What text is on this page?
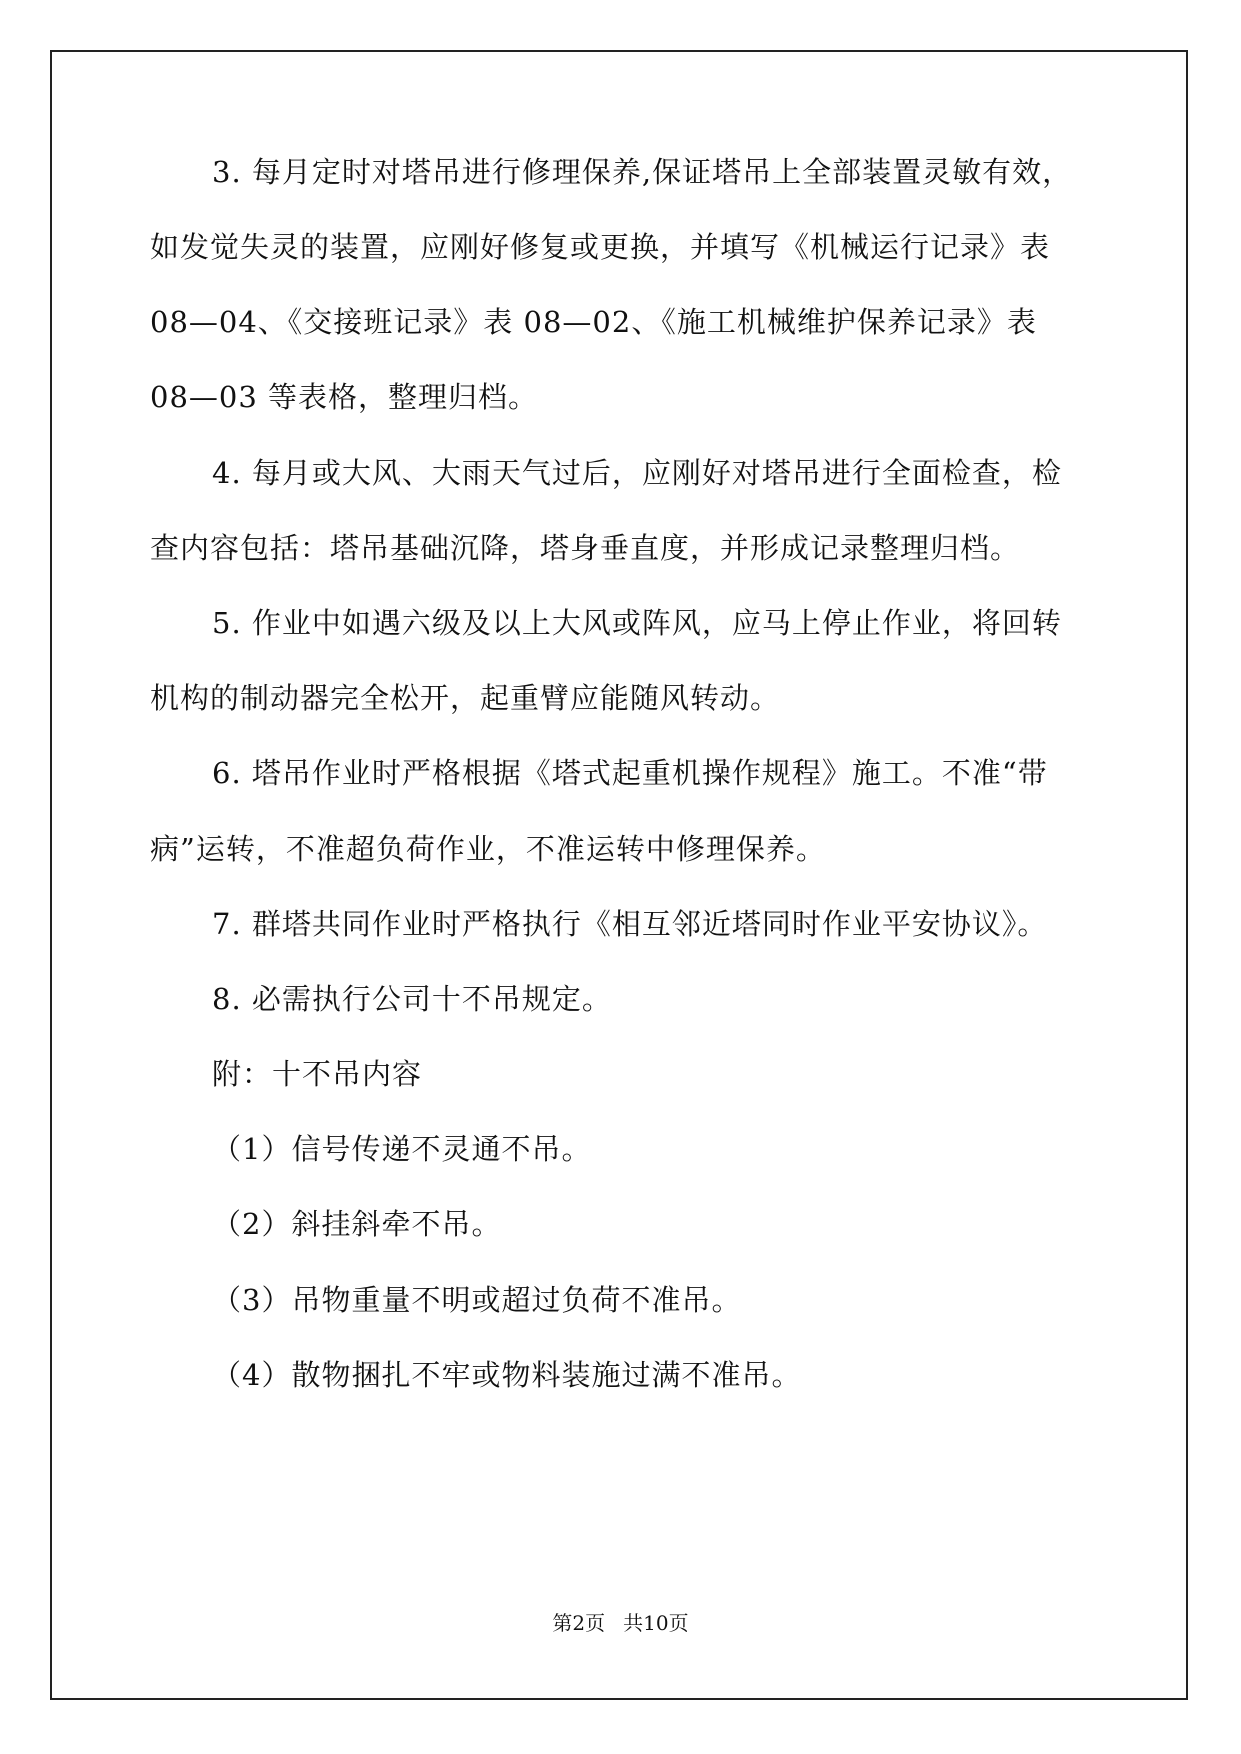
3. 每月定时对塔吊进行修理保养,保证塔吊上全部装置灵敏有效，
如发觉失灵的装置，应刚好修复或更换，并填写《机械运行记录》表
08—04、《交接班记录》表 08—02、《施工机械维护保养记录》表
08—03 等表格，整理归档。
4. 每月或大风、大雨天气过后，应刚好对塔吊进行全面检查，检
查内容包括：塔吊基础沉降，塔身垂直度，并形成记录整理归档。
5. 作业中如遇六级及以上大风或阵风，应马上停止作业，将回转
机构的制动器完全松开，起重臂应能随风转动。
6. 塔吊作业时严格根据《塔式起重机操作规程》施工。不准“带
病”运转，不准超负荷作业，不准运转中修理保养。
7. 群塔共同作业时严格执行《相互邻近塔同时作业平安协议》。
8. 必需执行公司十不吊规定。
附：十不吊内容
（1）信号传递不灵通不吊。
（2）斜挂斜牵不吊。
（3）吊物重量不明或超过负荷不准吊。
（4）散物捆扎不牢或物料装施过满不准吊。
第2页 共10页
